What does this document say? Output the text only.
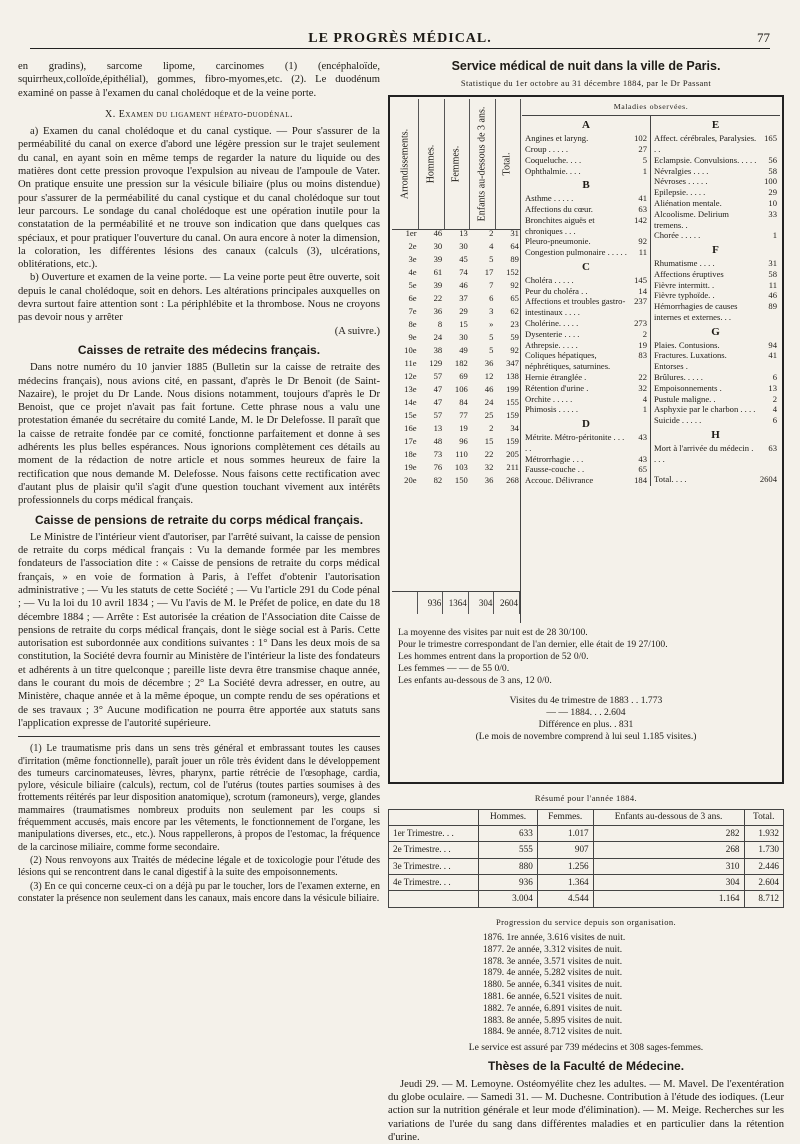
LE PROGRÈS MÉDICAL.	77

en gradins), sarcome lipome, carcinomes (1) (encéphaloïde, squirrheux,colloïde,épithélial), gommes, fibro-myomes,etc. (2). Le duodénum examiné on passe à l'examen du canal cholédoque et de la veine porte.

X. Examen du ligament hépato-duodénal.

a) Examen du canal cholédoque et du canal cystique. — Pour s'assurer de la perméabilité du canal on exerce d'abord une légère pression sur le trajet seulement du canal, en ayant soin en même temps de regarder la nature du liquide ou des matières dont cette pression provoque l'expulsion au niveau de l'ampoule de Vater. On pratique ensuite une pression sur la vésicule biliaire (plus ou moins distendue) pour s'assurer de la perméabilité du canal cystique et du canal cholédoque sur tout leur parcours. Le sondage du canal cholédoque est une opération inutile pour la constatation de la perméabilité et ne trouve son indication que dans quelques cas spéciaux, et pour pratiquer l'ouverture du canal. On aura encore à noter la dimension, la coloration, les différentes lésions des canaux (calculs (3), ulcérations, oblitérations, etc.).

b) Ouverture et examen de la veine porte. — La veine porte peut être ouverte, soit depuis le canal cholédoque, soit en dehors. Les altérations principales auxquelles on devra surtout faire attention sont : La périphlébite et la thrombose. Nous ne croyons pas devoir nous y arrêter

(A suivre.)

Caisses de retraite des médecins français.

Dans notre numéro du 10 janvier 1885 (Bulletin sur la caisse de retraite des médecins français), nous avions cité, en passant, d'après le Dr Benoit (de Saint-Nazaire), le projet du Dr Lande. Nous disions notamment, toujours d'après le Dr Benoist, que ce projet n'avait pas fait fortune. Cette phrase nous a valu une protestation émanée du secrétaire du comité Lande, M. le Dr Delefosse. Il paraît que la caisse de retraite fondée par ce comité, fonctionne parfaitement et donne à ses adhérents les plus belles espérances. Nous ignorions complètement ces détails au moment de la rédaction de notre article et nous sommes heureux de faire la rectification que nous demande M. Delefosse. Nous faisons cette rectification avec d'autant plus de plaisir qu'il s'agit d'une question touchant vivement aux intérêts professionnels du corps médical français.

Caisse de pensions de retraite du corps médical français.

Le Ministre de l'intérieur vient d'autoriser, par l'arrêté suivant, la caisse de pension de retraite du corps médical français : Vu la demande formée par les membres fondateurs de l'association dite : « Caisse de pensions de retraite du corps médical français, » en voie de formation à Paris, à l'effet d'obtenir l'autorisation administrative ; — Vu les statuts de cette Société ; — Vu l'article 291 du Code pénal ; — Vu la loi du 10 avril 1834 ; — Vu l'avis de M. le Préfet de police, en date du 18 décembre 1884 ; — Arrête : Est autorisée la création de l'Association dite Caisse de pensions de retraite du corps médical français, dont le siège social est à Paris. Cette autorisation est subordonnée aux conditions suivantes : 1° Dans les deux mois de sa constitution, la Société devra fournir au Ministère de l'intérieur la liste des fondateurs et adhérents à un titre quelconque ; pareille liste devra être transmise chaque année, dans le courant du mois de décembre ; 2° La Société devra adresser, en outre, au Ministère, chaque année et à la même époque, un compte rendu de ses opérations et de ses travaux ; 3° Aucune modification ne pourra être apportée aux statuts sans l'application expresse de l'autorité supérieure.

(1) Le traumatisme pris dans un sens très général et embrassant toutes les causes d'irritation (même fonctionnelle), paraît jouer un rôle très évident dans le développement des tumeurs carcinomateuses, lèvres, pharynx, partie rétrécie de l'œsophage, cardia, pylore, vésicule biliaire (calculs), rectum, col de l'utérus (toutes parties soumises à des frottements réitérés par leur disposition anatomique), scrotum (ramoneurs), verge, glandes mammaires (traumatismes nombreux produits non seulement par les coups si fréquemment accusés, mais encore par les vêtements, le fonctionnement de l'organe, les manipulations diverses, etc., etc.). Nous rappellerons, à propos de l'estomac, la fréquence de la carcinose miliaire, comme forme secondaire.

(2) Nous renvoyons aux Traités de médecine légale et de toxicologie pour l'étude des lésions qui se rencontrent dans le canal digestif à la suite des empoisonnements.

(3) En ce qui concerne ceux-ci on a déjà pu par le toucher, lors de l'examen externe, en constater la présence non seulement dans les canaux, mais encore dans la vésicule biliaire.

Service médical de nuit dans la ville de Paris.
Statistique du 1er octobre au 31 décembre 1884, par le Dr Passant
Arrondissements. Hommes. Femmes. Enfants au-dessous de 3 ans. Total.
1er	46	13	2	31
2e	30	30	4	64
3e	39	45	5	89
4e	61	74	17	152
5e	39	46	7	92
6e	22	37	6	65
7e	36	29	3	62
8e	8	15	»	23
9e	24	30	5	59
10e	38	49	5	92
11e	129	182	36	347
12e	57	69	12	138
13e	47	106	46	199
14e	47	84	24	155
15e	57	77	25	159
16e	13	19	2	34
17e	48	96	15	159
18e	73	110	22	205
19e	76	103	32	211
20e	82	150	36	268
936 1364	304 2604
Maladies observées.
A
Angines et laryng.	102
Croup . . . . .	27
Coqueluche. . . .	5
Ophthalmie. . . .	1
B
Asthme . . . . .	41
Affections du cœur.	63
Bronchites aiguës et chroniques . . .
142
Pleuro-pneumonie.	92
Congestion pulmonaire . . . . .	11
C
Choléra . . . . .	145
Peur du choléra . .	14
Affections et troubles gastro-intestinaux . . . .
237
Cholérine. . . . .	273
Dysenterie . . . .	2
Athrepsie. . . . .	19
Coliques hépatiques, néphrétiques, saturnines.
83
Hernie étranglée .	22
Rétention d'urine .	32
Orchite . . . . .	4
Phimosis . . . . .	1
D
Métrite. Métro-péritonite . . . . .
43
Métrorrhagie . . .	43
Fausse-couche . .	65
Accouc. Délivrance	184
E
Affect. cérébrales, Paralysies. . .
165
Eclampsie. Convulsions. . . . .	56
Névralgies . . . .	58
Névroses . . . . .	100
Epilepsie. . . . .	29
Aliénation mentale.	10
Alcoolisme. Delirium tremens. .
33
Chorée . . . . .	1
F
Rhumatisme . . . .	31
Affections éruptives	58
Fièvre intermitt. .	11
Fièvre typhoïde. .	46
Hémorrhagies de causes internes et externes. . .
89
G
Plaies. Contusions.	94
Fractures. Luxations. Entorses .
41
Brûlures. . . . .	6
Empoisonnements .	13
Pustule maligne. .	2
Asphyxie par le charbon . . . .	4
Suicide . . . . .	6
H
Mort à l'arrivée du médecin . . . .
63
Total. . . .	2604
La moyenne des visites par nuit est de 28 30/100.
Pour le trimestre correspondant de l'an dernier, elle était de 19 27/100.
Les hommes entrent dans la proportion de 52 0/0.
Les femmes — — de 55 0/0.
Les enfants au-dessous de 3 ans, 12 0/0.
Visites du 4e trimestre de 1883 . . 1.773
— — 1884. . . 2.604
Différence en plus. . 831
(Le mois de novembre comprend à lui seul 1.185 visites.)
Résumé pour l'année 1884.
	Hommes.	Femmes.	Enfants au-dessous de 3 ans.	Total.
1er Trimestre. . .	633	1.017	282	1.932
2e Trimestre. . .	555	907	268	1.730
3e Trimestre. . .	880	1.256	310	2.446
4e Trimestre. . .	936	1.364	304	2.604
	3.004	4.544	1.164	8.712
Progression du service depuis son organisation.
1876. 1re année, 3.616 visites de nuit.
1877. 2e année, 3.312 visites de nuit.
1878. 3e année, 3.571 visites de nuit.
1879. 4e année, 5.282 visites de nuit.
1880. 5e année, 6.341 visites de nuit.
1881. 6e année, 6.521 visites de nuit.
1882. 7e année, 6.891 visites de nuit.
1883. 8e année, 5.895 visites de nuit.
1884. 9e année, 8.712 visites de nuit.

Le service est assuré par 739 médecins et 308 sages-femmes.

Thèses de la Faculté de Médecine.

Jeudi 29. — M. Lemoyne. Ostéomyélite chez les adultes. — M. Mavel. De l'exentération du globe oculaire. — Samedi 31. — M. Duchesne. Contribution à l'étude des iodiques. (Leur action sur la nutrition générale et leur mode d'élimination). — M. Meige. Recherches sur les variations de l'urée du sang dans différentes maladies et en particulier dans la rétention d'urine.
